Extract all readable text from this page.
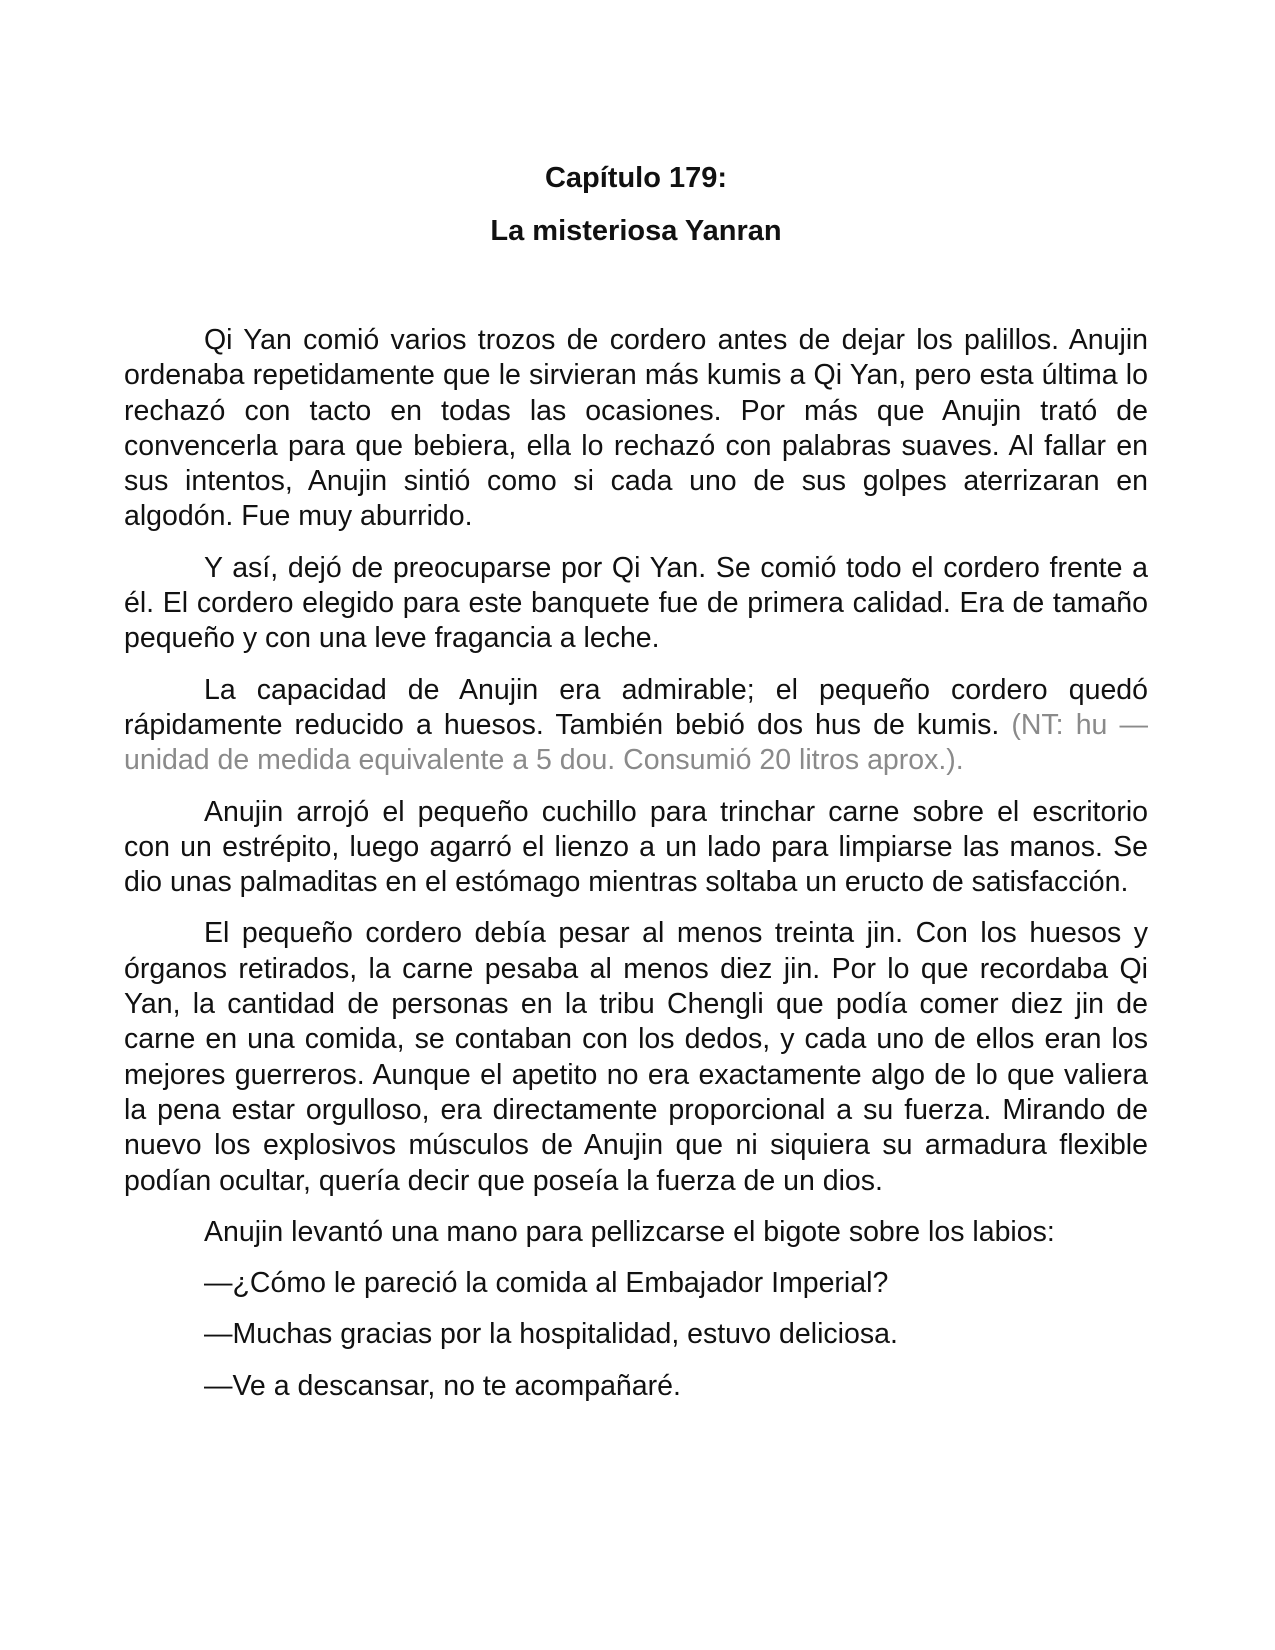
Capítulo 179:
La misteriosa Yanran

Qi Yan comió varios trozos de cordero antes de dejar los palillos. Anujin ordenaba repetidamente que le sirvieran más kumis a Qi Yan, pero esta última lo rechazó con tacto en todas las ocasiones. Por más que Anujin trató de convencerla para que bebiera, ella lo rechazó con palabras suaves. Al fallar en sus intentos, Anujin sintió como si cada uno de sus golpes aterrizaran en algodón. Fue muy aburrido.

Y así, dejó de preocuparse por Qi Yan. Se comió todo el cordero frente a él. El cordero elegido para este banquete fue de primera calidad. Era de tamaño pequeño y con una leve fragancia a leche.

La capacidad de Anujin era admirable; el pequeño cordero quedó rápidamente reducido a huesos. También bebió dos hus de kumis. (NT: hu — unidad de medida equivalente a 5 dou. Consumió 20 litros aprox.).

Anujin arrojó el pequeño cuchillo para trinchar carne sobre el escritorio con un estrépito, luego agarró el lienzo a un lado para limpiarse las manos. Se dio unas palmaditas en el estómago mientras soltaba un eructo de satisfacción.

El pequeño cordero debía pesar al menos treinta jin. Con los huesos y órganos retirados, la carne pesaba al menos diez jin. Por lo que recordaba Qi Yan, la cantidad de personas en la tribu Chengli que podía comer diez jin de carne en una comida, se contaban con los dedos, y cada uno de ellos eran los mejores guerreros. Aunque el apetito no era exactamente algo de lo que valiera la pena estar orgulloso, era directamente proporcional a su fuerza. Mirando de nuevo los explosivos músculos de Anujin que ni siquiera su armadura flexible podían ocultar, quería decir que poseía la fuerza de un dios.

Anujin levantó una mano para pellizcarse el bigote sobre los labios:

—¿Cómo le pareció la comida al Embajador Imperial?

—Muchas gracias por la hospitalidad, estuvo deliciosa.

—Ve a descansar, no te acompañaré.
